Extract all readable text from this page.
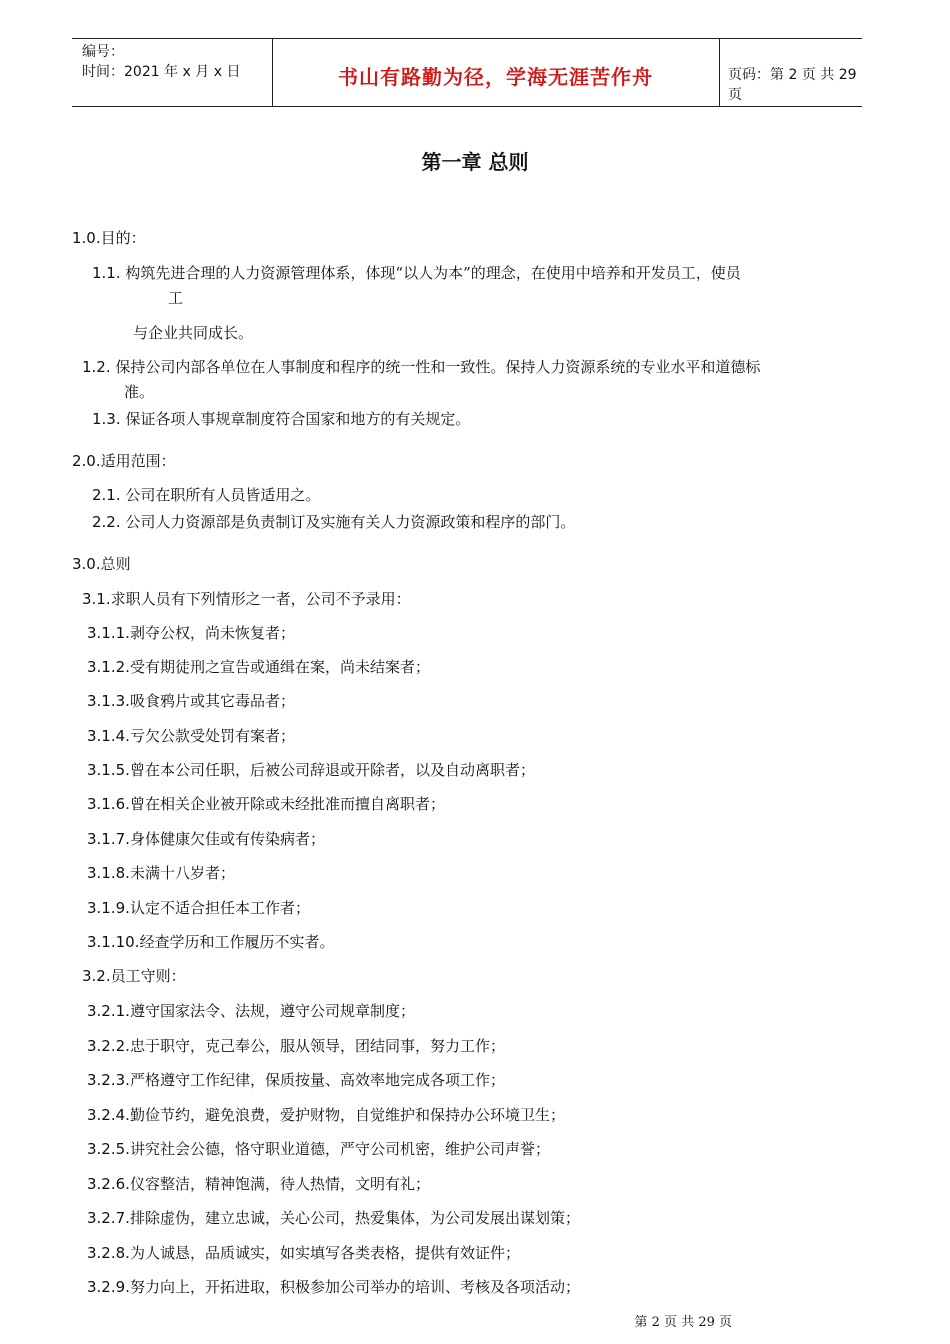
编号：
时间：2021 年 x 月 x 日	书山有路勤为径，学海无涯苦作舟	页码：第 2 页 共 29 页
第一章 总则
1.0.目的：
1.1. 构筑先进合理的人力资源管理体系，体现“以人为本”的理念，在使用中培养和开发员工，使员
工
与企业共同成长。
1.2. 保持公司内部各单位在人事制度和程序的统一性和一致性。保持人力资源系统的专业水平和道德标
准。
1.3. 保证各项人事规章制度符合国家和地方的有关规定。
2.0.适用范围：
2.1. 公司在职所有人员皆适用之。
2.2. 公司人力资源部是负责制订及实施有关人力资源政策和程序的部门。
3.0.总则
3.1.求职人员有下列情形之一者，公司不予录用：
3.1.1.剥夺公权，尚未恢复者；
3.1.2.受有期徒刑之宣告或通缉在案，尚未结案者；
3.1.3.吸食鸦片或其它毒品者；
3.1.4.亏欠公款受处罚有案者；
3.1.5.曾在本公司任职，后被公司辞退或开除者，以及自动离职者；
3.1.6.曾在相关企业被开除或未经批准而擅自离职者；
3.1.7.身体健康欠佳或有传染病者；
3.1.8.未满十八岁者；
3.1.9.认定不适合担任本工作者；
3.1.10.经查学历和工作履历不实者。
3.2.员工守则：
3.2.1.遵守国家法令、法规，遵守公司规章制度；
3.2.2.忠于职守，克己奉公，服从领导，团结同事，努力工作；
3.2.3.严格遵守工作纪律，保质按量、高效率地完成各项工作；
3.2.4.勤俭节约，避免浪费，爱护财物，自觉维护和保持办公环境卫生；
3.2.5.讲究社会公德，恪守职业道德，严守公司机密，维护公司声誉；
3.2.6.仪容整洁，精神饱满，待人热情，文明有礼；
3.2.7.排除虚伪，建立忠诚，关心公司，热爱集体，为公司发展出谋划策；
3.2.8.为人诚恳，品质诚实，如实填写各类表格，提供有效证件；
3.2.9.努力向上，开拓进取，积极参加公司举办的培训、考核及各项活动；
第 2 页 共 29 页
